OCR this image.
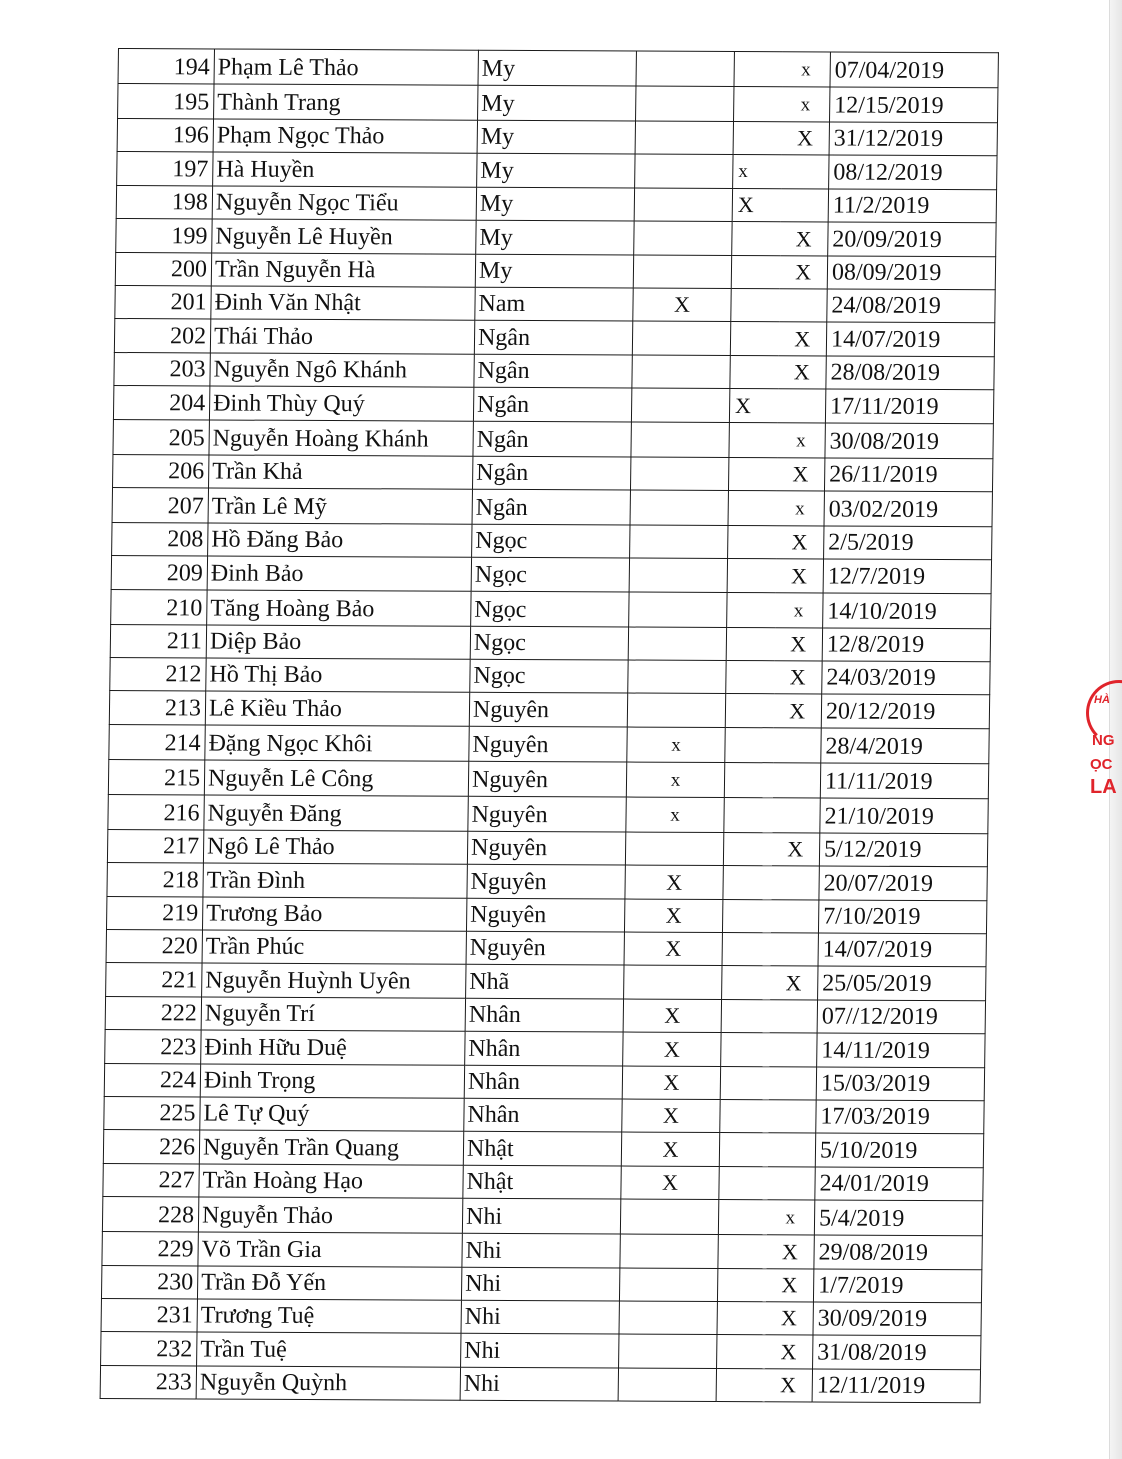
194	Phạm Lê Thảo	My			x	07/04/2019
195	Thành Trang	My			x	12/15/2019
196	Phạm Ngọc Thảo	My			X	31/12/2019
197	Hà Huyền	My		x		08/12/2019
198	Nguyễn Ngọc Tiểu	My		X		11/2/2019
199	Nguyễn Lê Huyền	My			X	20/09/2019
200	Trần Nguyễn Hà	My			X	08/09/2019
201	Đinh Văn Nhật	Nam	X			24/08/2019
202	Thái Thảo	Ngân			X	14/07/2019
203	Nguyễn Ngô Khánh	Ngân			X	28/08/2019
204	Đinh Thùy Quý	Ngân		X		17/11/2019
205	Nguyễn Hoàng Khánh	Ngân			x	30/08/2019
206	Trần Khả	Ngân			X	26/11/2019
207	Trần Lê Mỹ	Ngân			x	03/02/2019
208	Hồ Đăng Bảo	Ngọc			X	2/5/2019
209	Đinh Bảo	Ngọc			X	12/7/2019
210	Tăng Hoàng Bảo	Ngọc			x	14/10/2019
211	Diệp Bảo	Ngọc			X	12/8/2019
212	Hồ Thị Bảo	Ngọc			X	24/03/2019
213	Lê Kiều Thảo	Nguyên			X	20/12/2019
214	Đặng Ngọc Khôi	Nguyên	x			28/4/2019
215	Nguyễn Lê Công	Nguyên	x			11/11/2019
216	Nguyễn Đăng	Nguyên	x			21/10/2019
217	Ngô Lê Thảo	Nguyên			X	5/12/2019
218	Trần Đình	Nguyên	X			20/07/2019
219	Trương Bảo	Nguyên	X			7/10/2019
220	Trần Phúc	Nguyên	X			14/07/2019
221	Nguyễn Huỳnh Uyên	Nhã			X	25/05/2019
222	Nguyễn Trí	Nhân	X			07//12/2019
223	Đinh Hữu Duệ	Nhân	X			14/11/2019
224	Đinh Trọng	Nhân	X			15/03/2019
225	Lê Tự Quý	Nhân	X			17/03/2019
226	Nguyễn Trần Quang	Nhật	X			5/10/2019
227	Trần Hoàng Hạo	Nhật	X			24/01/2019
228	Nguyễn Thảo	Nhi			x	5/4/2019
229	Võ Trần Gia	Nhi			X	29/08/2019
230	Trần Đỗ Yến	Nhi			X	1/7/2019
231	Trương Tuệ	Nhi			X	30/09/2019
232	Trần Tuệ	Nhi			X	31/08/2019
233	Nguyễn Quỳnh	Nhi			X	12/11/2019
HÀ
NG
ỌC
LA
